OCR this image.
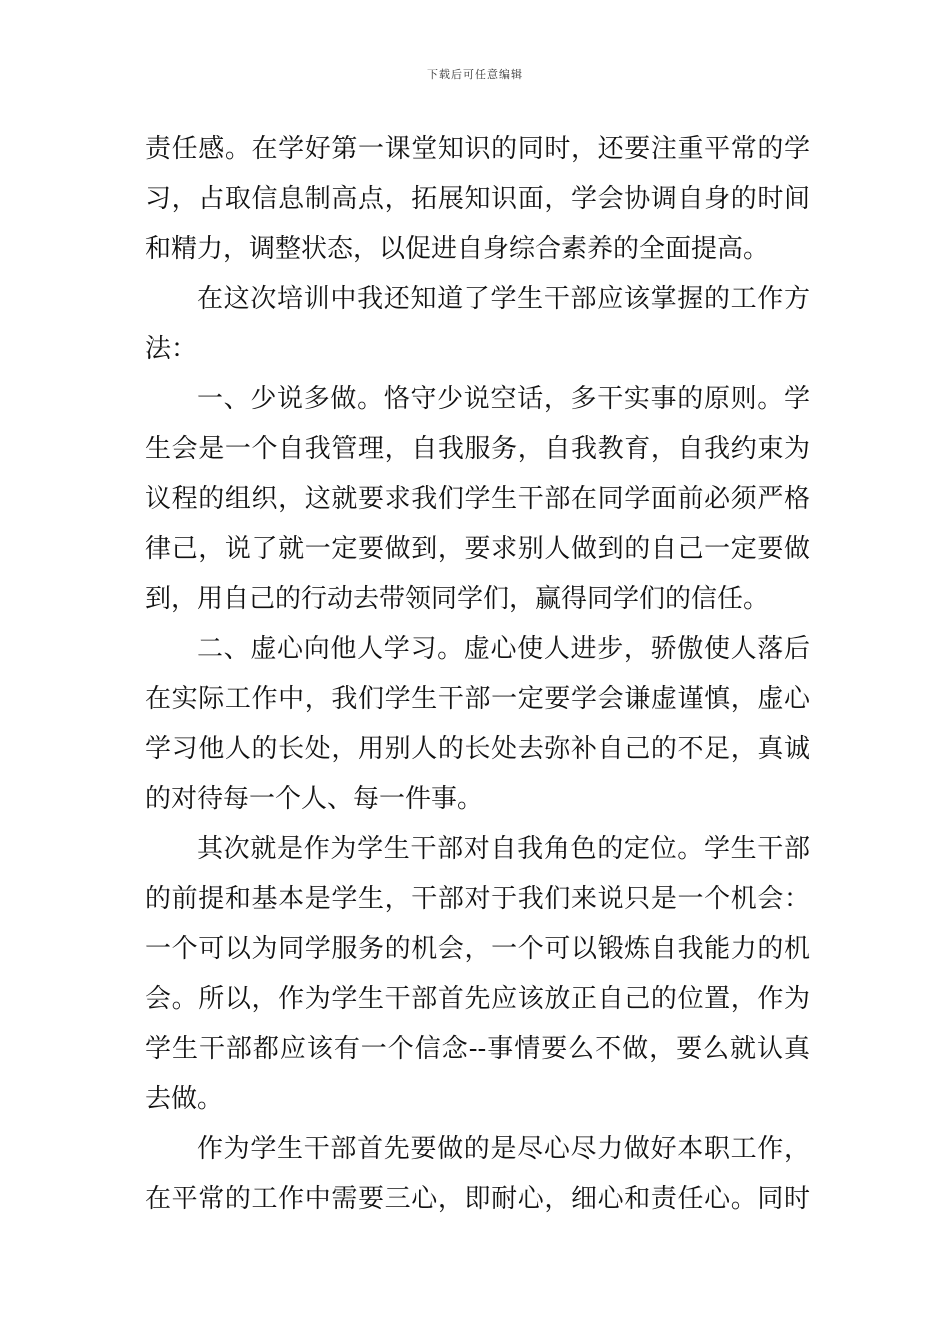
下载后可任意编辑
责任感。在学好第一课堂知识的同时，还要注重平常的学
习，占取信息制高点，拓展知识面，学会协调自身的时间
和精力，调整状态，以促进自身综合素养的全面提高。
在这次培训中我还知道了学生干部应该掌握的工作方
法：
一、少说多做。恪守少说空话，多干实事的原则。学
生会是一个自我管理，自我服务，自我教育，自我约束为
议程的组织，这就要求我们学生干部在同学面前必须严格
律己，说了就一定要做到，要求别人做到的自己一定要做
到，用自己的行动去带领同学们，赢得同学们的信任。
二、虚心向他人学习。虚心使人进步，骄傲使人落后
在实际工作中，我们学生干部一定要学会谦虚谨慎，虚心
学习他人的长处，用别人的长处去弥补自己的不足，真诚
的对待每一个人、每一件事。
其次就是作为学生干部对自我角色的定位。学生干部
的前提和基本是学生，干部对于我们来说只是一个机会：
一个可以为同学服务的机会，一个可以锻炼自我能力的机
会。所以，作为学生干部首先应该放正自己的位置，作为
学生干部都应该有一个信念--事情要么不做，要么就认真
去做。
作为学生干部首先要做的是尽心尽力做好本职工作，
在平常的工作中需要三心，即耐心，细心和责任心。同时
